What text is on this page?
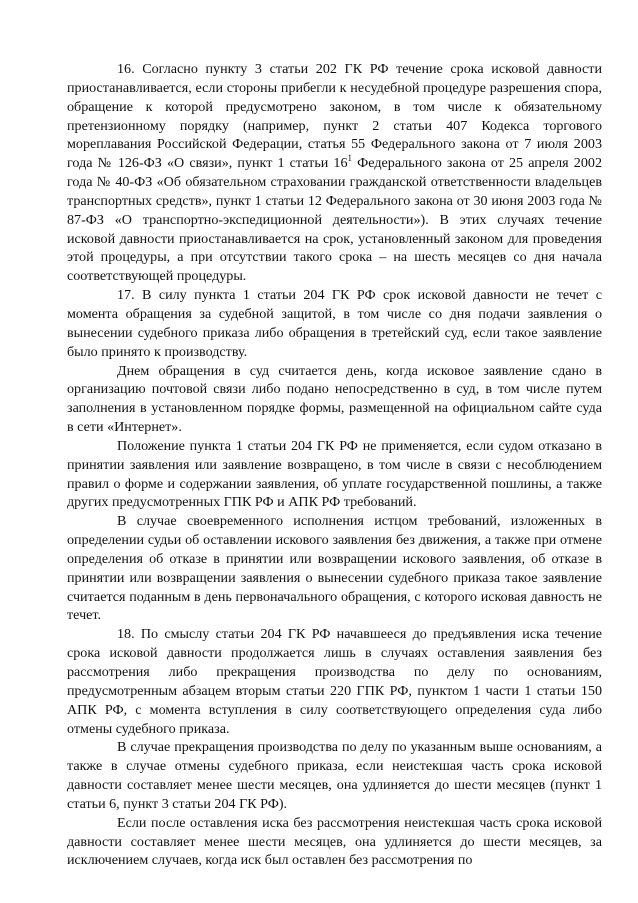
16. Согласно пункту 3 статьи 202 ГК РФ течение срока исковой давности приостанавливается, если стороны прибегли к несудебной процедуре разрешения спора, обращение к которой предусмотрено законом, в том числе к обязательному претензионному порядку (например, пункт 2 статьи 407 Кодекса торгового мореплавания Российской Федерации, статья 55 Федерального закона от 7 июля 2003 года № 126-ФЗ «О связи», пункт 1 статьи $16^1$ Федерального закона от 25 апреля 2002 года № 40-ФЗ «Об обязательном страховании гражданской ответственности владельцев транспортных средств», пункт 1 статьи 12 Федерального закона от 30 июня 2003 года № 87-ФЗ «О транспортно-экспедиционной деятельности»). В этих случаях течение исковой давности приостанавливается на срок, установленный законом для проведения этой процедуры, а при отсутствии такого срока – на шесть месяцев со дня начала соответствующей процедуры.

17. В силу пункта 1 статьи 204 ГК РФ срок исковой давности не течет с момента обращения за судебной защитой, в том числе со дня подачи заявления о вынесении судебного приказа либо обращения в третейский суд, если такое заявление было принято к производству.

Днем обращения в суд считается день, когда исковое заявление сдано в организацию почтовой связи либо подано непосредственно в суд, в том числе путем заполнения в установленном порядке формы, размещенной на официальном сайте суда в сети «Интернет».

Положение пункта 1 статьи 204 ГК РФ не применяется, если судом отказано в принятии заявления или заявление возвращено, в том числе в связи с несоблюдением правил о форме и содержании заявления, об уплате государственной пошлины, а также других предусмотренных ГПК РФ и АПК РФ требований.

В случае своевременного исполнения истцом требований, изложенных в определении судьи об оставлении искового заявления без движения, а также при отмене определения об отказе в принятии или возвращении искового заявления, об отказе в принятии или возвращении заявления о вынесении судебного приказа такое заявление считается поданным в день первоначального обращения, с которого исковая давность не течет.

18. По смыслу статьи 204 ГК РФ начавшееся до предъявления иска течение срока исковой давности продолжается лишь в случаях оставления заявления без рассмотрения либо прекращения производства по делу по основаниям, предусмотренным абзацем вторым статьи 220 ГПК РФ, пунктом 1 части 1 статьи 150 АПК РФ, с момента вступления в силу соответствующего определения суда либо отмены судебного приказа.

В случае прекращения производства по делу по указанным выше основаниям, а также в случае отмены судебного приказа, если неистекшая часть срока исковой давности составляет менее шести месяцев, она удлиняется до шести месяцев (пункт 1 статьи 6, пункт 3 статьи 204 ГК РФ).

Если после оставления иска без рассмотрения неистекшая часть срока исковой давности составляет менее шести месяцев, она удлиняется до шести месяцев, за исключением случаев, когда иск был оставлен без рассмотрения по
